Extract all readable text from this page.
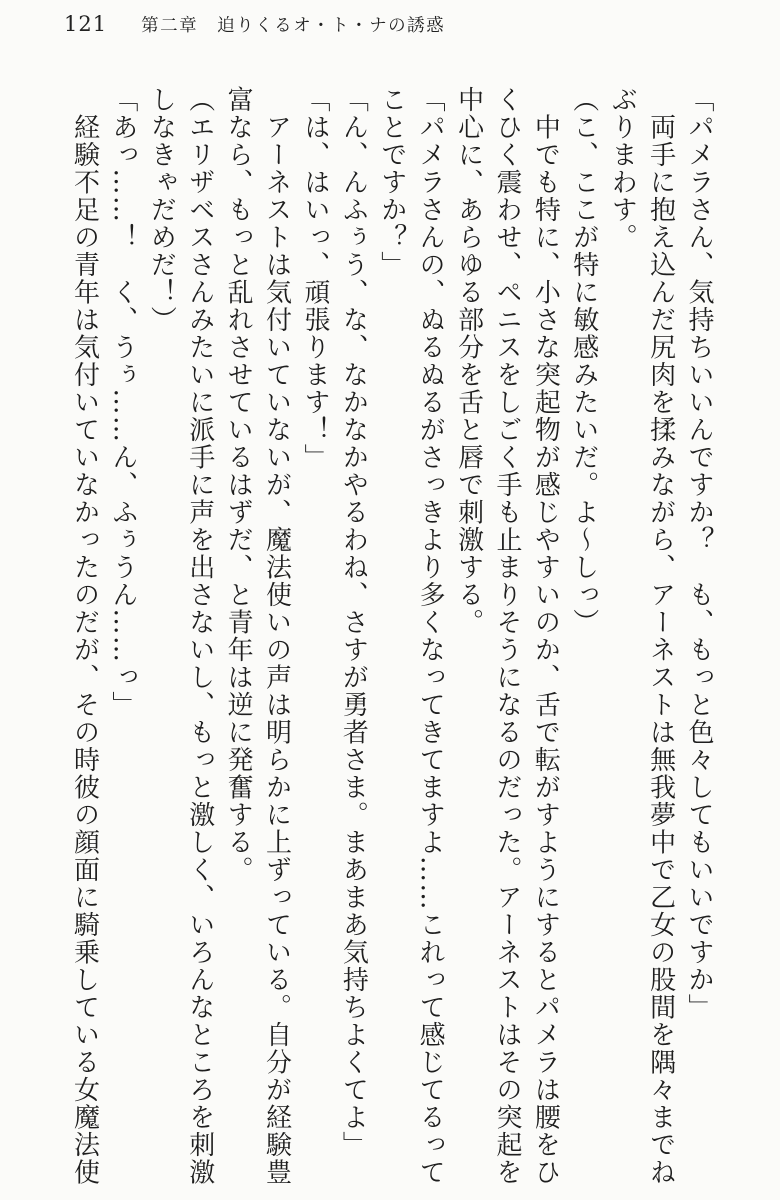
121 第二章　迫りくるオ・ト・ナの誘惑
「パメラさん、気持ちいいんですか？　も、もっと色々してもいいですか」
　両手に抱え込んだ尻肉を揉みながら、アーネストは無我夢中で乙女の股間を隅々までね
ぶりまわす。
（こ、ここが特に敏感みたいだ。よ〜しっ）
　中でも特に、小さな突起物が感じやすいのか、舌で転がすようにするとパメラは腰をひ
くひく震わせ、ペニスをしごく手も止まりそうになるのだった。アーネストはその突起を
中心に、あらゆる部分を舌と唇で刺激する。
「パメラさんの、ぬるぬるがさっきより多くなってきてますよ……これって感じてるって
ことですか？」
「ん、んふぅう、な、なかなかやるわね、さすが勇者さま。まあまあ気持ちよくてよ」
「は、はいっ、頑張ります！」
　アーネストは気付いていないが、魔法使いの声は明らかに上ずっている。自分が経験豊
富なら、もっと乱れさせているはずだ、と青年は逆に発奮する。
（エリザベスさんみたいに派手に声を出さないし、もっと激しく、いろんなところを刺激
しなきゃだめだ！）
「あっ……！　く、うぅ……ん、ふぅうん……っ」
　経験不足の青年は気付いていなかったのだが、その時彼の顔面に騎乗している女魔法使
